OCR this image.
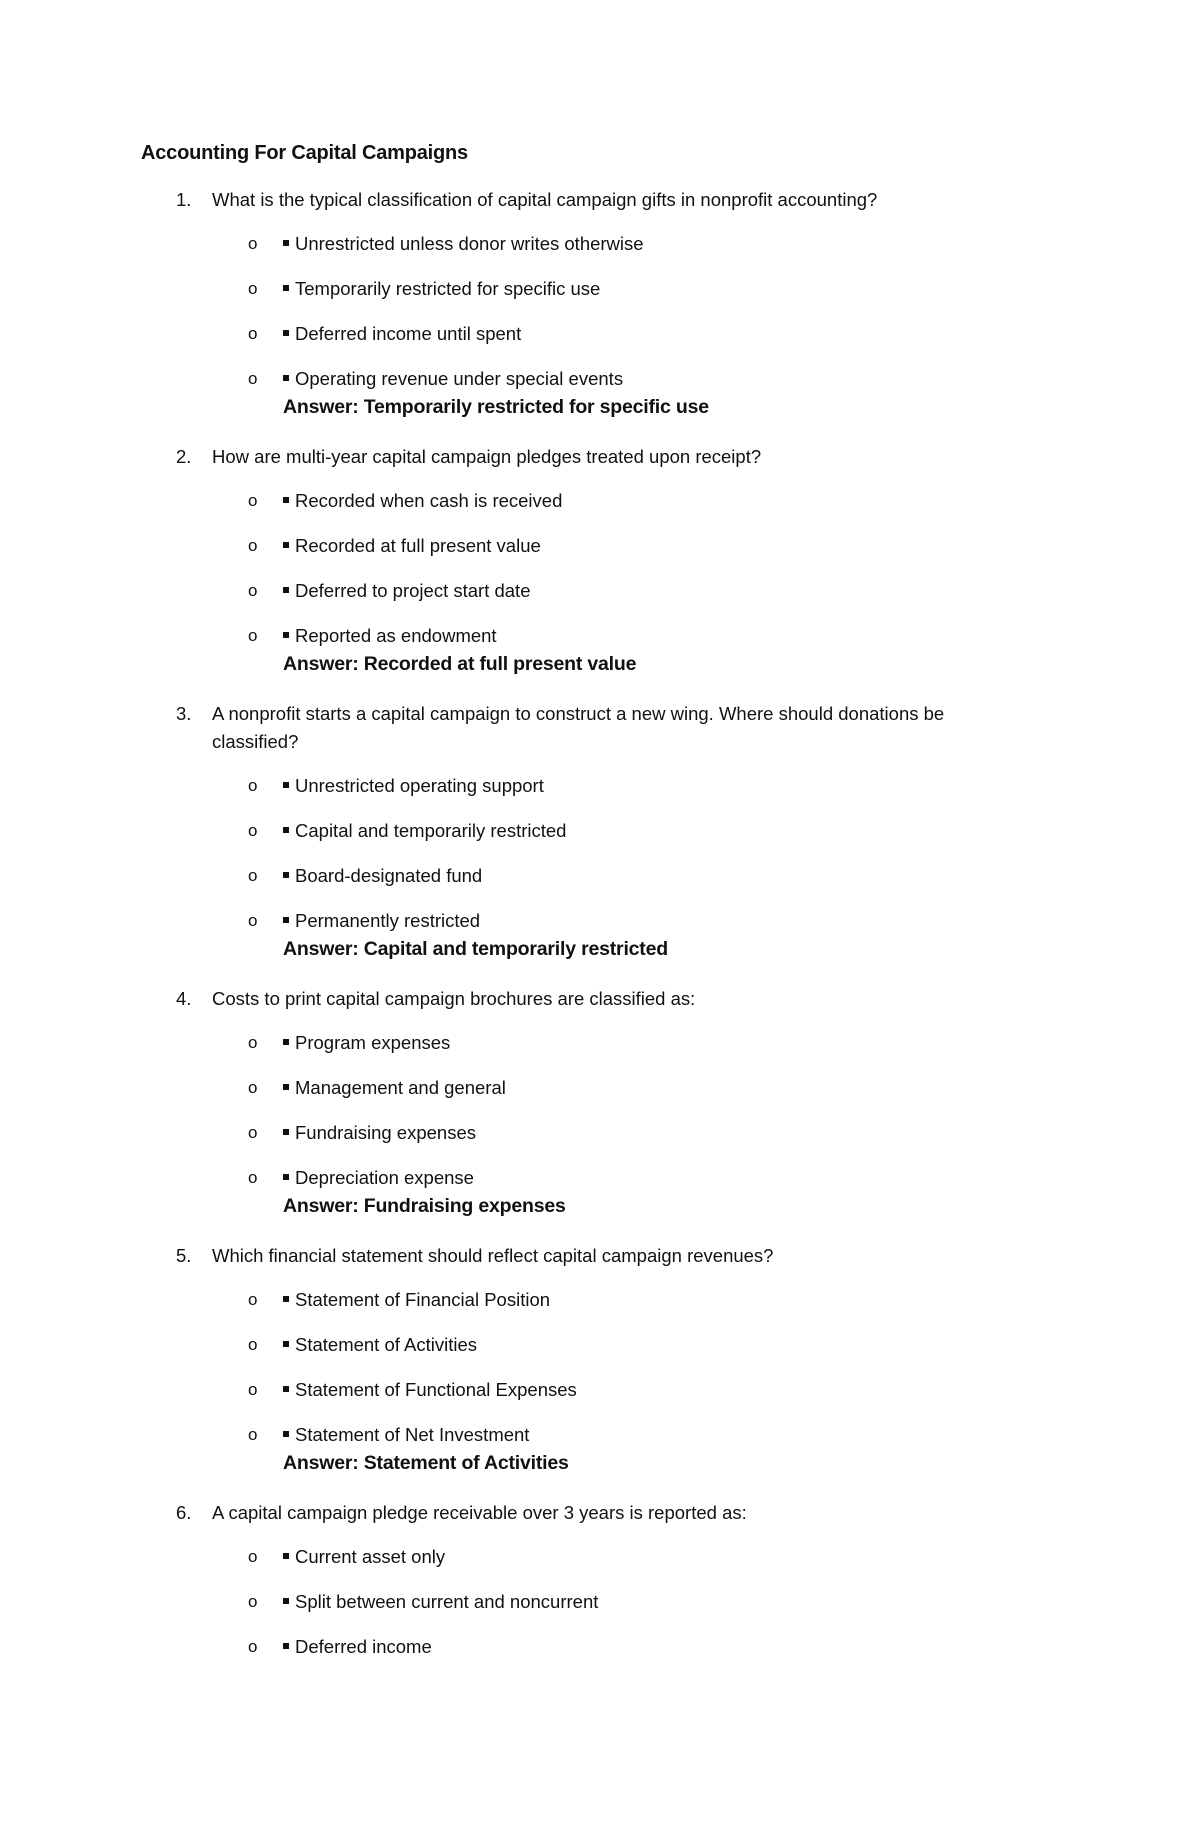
Accounting For Capital Campaigns
1. What is the typical classification of capital campaign gifts in nonprofit accounting?
o	Unrestricted unless donor writes otherwise
o	Temporarily restricted for specific use
o	Deferred income until spent
o	Operating revenue under special events
Answer: Temporarily restricted for specific use
2. How are multi-year capital campaign pledges treated upon receipt?
o	Recorded when cash is received
o	Recorded at full present value
o	Deferred to project start date
o	Reported as endowment
Answer: Recorded at full present value
3. A nonprofit starts a capital campaign to construct a new wing. Where should donations be classified?
o	Unrestricted operating support
o	Capital and temporarily restricted
o	Board-designated fund
o	Permanently restricted
Answer: Capital and temporarily restricted
4. Costs to print capital campaign brochures are classified as:
o	Program expenses
o	Management and general
o	Fundraising expenses
o	Depreciation expense
Answer: Fundraising expenses
5. Which financial statement should reflect capital campaign revenues?
o	Statement of Financial Position
o	Statement of Activities
o	Statement of Functional Expenses
o	Statement of Net Investment
Answer: Statement of Activities
6. A capital campaign pledge receivable over 3 years is reported as:
o	Current asset only
o	Split between current and noncurrent
o	Deferred income
